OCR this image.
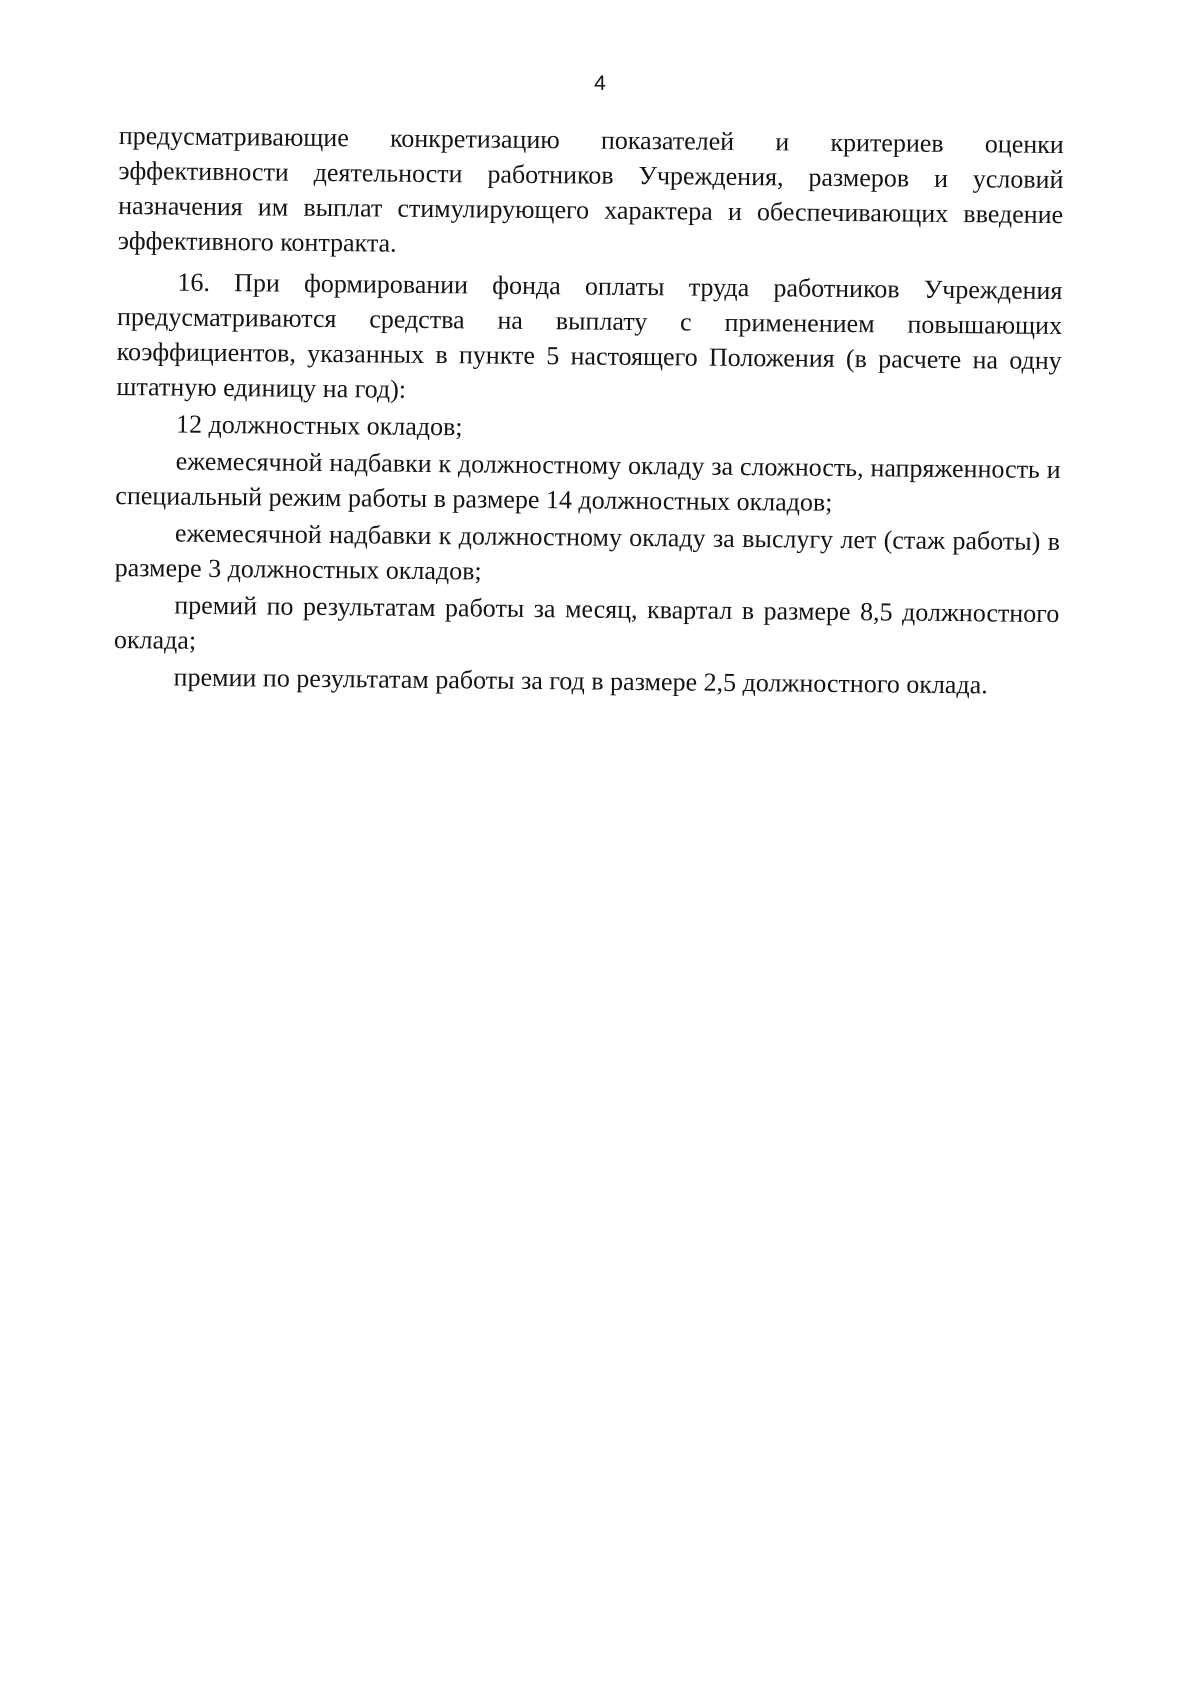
4

предусматривающие конкретизацию показателей и критериев оценки эффективности деятельности работников Учреждения, размеров и условий назначения им выплат стимулирующего характера и обеспечивающих введение эффективного контракта.

16. При формировании фонда оплаты труда работников Учреждения предусматриваются средства на выплату с применением повышающих коэффициентов, указанных в пункте 5 настоящего Положения (в расчете на одну штатную единицу на год):

12 должностных окладов;

ежемесячной надбавки к должностному окладу за сложность, напряженность и специальный режим работы в размере 14 должностных окладов;

ежемесячной надбавки к должностному окладу за выслугу лет (стаж работы) в размере 3 должностных окладов;

премий по результатам работы за месяц, квартал в размере 8,5 должностного оклада;

премии по результатам работы за год в размере 2,5 должностного оклада.
